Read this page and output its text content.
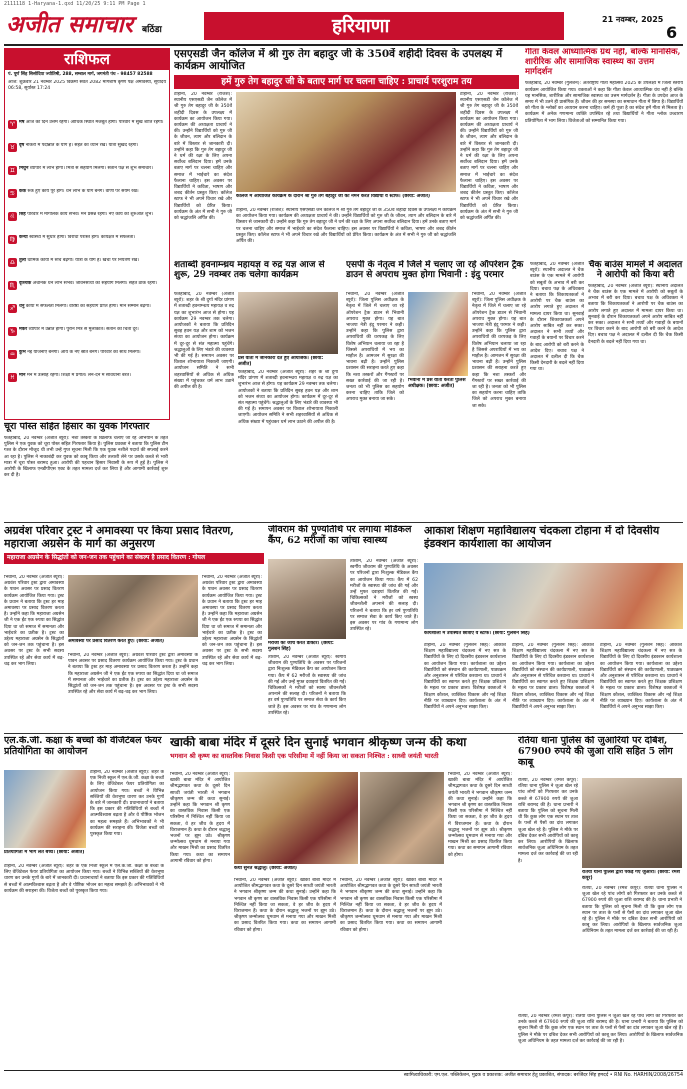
2111118 1-Haryana-1.qxd 11/20/25 9:11 PM Page 1
अजीत समाचार बठिंडा	हरियाणा	21 नवम्बर, 2025
6
राशिफल
पं. पूर्ण सिंह सिसोदिया ज्योतिषी, 288, सम्बाल मार्ग, जगमंती पंथ - 98457 82588
आज: शुक्रवार 21 नवम्बर 2025 विक्रमी संवत 2082 मार्गशीर्ष कृष्ण पक्ष अमावस्या, सूर्योदय 06:58, सूर्यास्त 17:24
♈ मेष आज का दिन उत्तम रहेगा। आर्थिक स्थिति मजबूत होगी। परिवार में सुख शांति रहेगी।
♉ वृष नौकरी में पदोन्नति के योग हैं। सेहत का ध्यान रखें। यात्रा सुखद रहेगी।
♊ मिथुन व्यापार में लाभ होगा। मित्रों से सहयोग मिलेगा। संतान पक्ष से शुभ समाचार।
♋ कर्क रुके हुए कार्य पूरे होंगे। धन लाभ के योग बनेंगे। वाणी पर संयम रखें।
♌ सिंह परिवार में मांगलिक कार्य संभव। मन प्रसन्न रहेगा। नए कार्य की शुरुआत शुभ।
♍ कन्या स्वास्थ्य में सुधार होगा। विरोधी परास्त होंगे। कार्यक्षेत्र में सफलता।
♎ तुला धार्मिक कार्यों में रुचि बढ़ेगी। यात्रा के योग हैं। खर्चों पर नियंत्रण रखें।
♏ वृश्चिक अचानक धन लाभ संभव। जीवनसाथी का सहयोग मिलेगा। सेहत ठीक रहेगी।
♐ धनु कार्यों में सफलता मिलेगी। वरिष्ठों का सहयोग प्राप्त होगा। मान सम्मान बढ़ेगा।
♑ मकर व्यापार में उन्नति होगी। पुराने मित्र से मुलाकात। संतान की चिंता दूर।
♒ कुंभ नई योजनाएं बनेंगी। आय के नए स्रोत बनेंगे। परिवार का साथ मिलेगा।
♓ मीन मन में उत्साह रहेगा। शिक्षा में प्रगति। लेन-देन में सावधानी बरतें।
एसएसडी जैन कॉलेज में श्री गुरु तेग बहादुर जी के 350वें शहीदी दिवस के उपलक्ष्य में कार्यक्रम आयोजित
हमें गुरु तेग बहादुर जी के बताए मार्ग पर चलना चाहिए : प्राचार्य परशुराम तय
टोहाना, 20 नवम्बर (राजेश): स्थानीय एसएसडी जैन कॉलेज में श्री गुरु तेग बहादुर जी के 350वें शहीदी दिवस के उपलक्ष्य में कार्यक्रम का आयोजन किया गया। कार्यक्रम की अध्यक्षता प्राचार्य ने की। उन्होंने विद्यार्थियों को गुरु जी के जीवन, त्याग और बलिदान के बारे में विस्तार से जानकारी दी। उन्होंने कहा कि गुरु तेग बहादुर जी ने धर्म की रक्षा के लिए अपना सर्वोच्च बलिदान दिया। हमें उनके बताए मार्ग पर चलना चाहिए और समाज में भाईचारे का संदेश फैलाना चाहिए। इस अवसर पर विद्यार्थियों ने कविता, भाषण और शबद कीर्तन प्रस्तुत किए। कॉलेज स्टाफ ने भी अपने विचार रखे और विद्यार्थियों को प्रेरित किया। कार्यक्रम के अंत में सभी ने गुरु जी को श्रद्धांजलि अर्पित की।
कॉलेज में आयोजित कार्यक्रम के दौरान श्री गुरु तेग बहादुर जी को नमन करते विद्यार्थी व स्टाफ। (छाया: अजीत)
टोहाना, 20 नवम्बर (राजेश): स्थानीय एसएसडी जैन कॉलेज में श्री गुरु तेग बहादुर जी के 350वें शहीदी दिवस के उपलक्ष्य में कार्यक्रम का आयोजन किया गया। कार्यक्रम की अध्यक्षता प्राचार्य ने की। उन्होंने विद्यार्थियों को गुरु जी के जीवन, त्याग और बलिदान के बारे में विस्तार से जानकारी दी। उन्होंने कहा कि गुरु तेग बहादुर जी ने धर्म की रक्षा के लिए अपना सर्वोच्च बलिदान दिया। हमें उनके बताए मार्ग पर चलना चाहिए और समाज में भाईचारे का संदेश फैलाना चाहिए। इस अवसर पर विद्यार्थियों ने कविता, भाषण और शबद कीर्तन प्रस्तुत किए। कॉलेज स्टाफ ने भी अपने विचार रखे और विद्यार्थियों को प्रेरित किया। कार्यक्रम के अंत में सभी ने गुरु जी को श्रद्धांजलि अर्पित की।
टोहाना, 20 नवम्बर (राजेश): स्थानीय एसएसडी जैन कॉलेज में श्री गुरु तेग बहादुर जी के 350वें शहीदी दिवस के उपलक्ष्य में कार्यक्रम का आयोजन किया गया। कार्यक्रम की अध्यक्षता प्राचार्य ने की। उन्होंने विद्यार्थियों को गुरु जी के जीवन, त्याग और बलिदान के बारे में विस्तार से जानकारी दी। उन्होंने कहा कि गुरु तेग बहादुर जी ने धर्म की रक्षा के लिए अपना सर्वोच्च बलिदान दिया। हमें उनके बताए मार्ग पर चलना चाहिए और समाज में भाईचारे का संदेश फैलाना चाहिए। इस अवसर पर विद्यार्थियों ने कविता, भाषण और शबद कीर्तन प्रस्तुत किए। कॉलेज स्टाफ ने भी अपने विचार रखे और विद्यार्थियों को प्रेरित किया। कार्यक्रम के अंत में सभी ने गुरु जी को श्रद्धांजलि अर्पित की।
गीता केवल आध्यात्मिक ग्रंथ नहीं, बल्कि मानसिक, शारीरिक और सामाजिक स्वास्थ्य का उत्तम मार्गदर्शन
फतेहाबाद, 20 नवम्बर (गुलशन): अंतर्राष्ट्रीय गीता महोत्सव 2025 के उपलक्ष्य में जिला स्तरीय कार्यक्रम आयोजित किया गया। वक्ताओं ने कहा कि गीता केवल आध्यात्मिक ग्रंथ नहीं है बल्कि यह मानसिक, शारीरिक और सामाजिक स्वास्थ्य का उत्तम मार्गदर्शन है। गीता के उपदेश आज के समय में भी उतने ही प्रासंगिक हैं। जीवन की हर समस्या का समाधान गीता में छिपा है। विद्यार्थियों को गीता के श्लोकों का अध्ययन करना चाहिए। कर्म ही पूजा है का संदेश हमें गीता से मिलता है। कार्यक्रम में अनेक गणमान्य व्यक्ति उपस्थित रहे तथा विद्यार्थियों ने गीता श्लोक उच्चारण प्रतियोगिता में भाग लिया। विजेताओं को सम्मानित किया गया।
शताब्दी हवनाम्न्ध्रय महायज्ञ व रुद्र यज्ञ आज से शुरू, 29 नवम्बर तक चलेगा कार्यक्रम
फतेहाबाद, 20 नवम्बर (अजीत ब्यूरो): शहर के श्री दुर्गा मंदिर प्रांगण में शताब्दी हवनाम्न्ध्रय महायज्ञ व रुद्र यज्ञ का शुभारंभ आज से होगा। यह कार्यक्रम 29 नवम्बर तक चलेगा। आयोजकों ने बताया कि प्रतिदिन सुबह हवन यज्ञ और शाम को भजन संध्या का आयोजन होगा। कार्यक्रम में दूर-दूर से संत महात्मा पहुंचेंगे। श्रद्धालुओं के लिए भंडारे की व्यवस्था भी की गई है। समापन अवसर पर विशाल शोभायात्रा निकाली जाएगी। आयोजन समिति ने सभी शहरवासियों से अधिक से अधिक संख्या में पहुंचकर धर्म लाभ उठाने की अपील की है।
प्रेस वार्ता में जानकारी देते हुए आयोजक। (छाया: अजीत)
फतेहाबाद, 20 नवम्बर (अजीत ब्यूरो): शहर के श्री दुर्गा मंदिर प्रांगण में शताब्दी हवनाम्न्ध्रय महायज्ञ व रुद्र यज्ञ का शुभारंभ आज से होगा। यह कार्यक्रम 29 नवम्बर तक चलेगा। आयोजकों ने बताया कि प्रतिदिन सुबह हवन यज्ञ और शाम को भजन संध्या का आयोजन होगा। कार्यक्रम में दूर-दूर से संत महात्मा पहुंचेंगे। श्रद्धालुओं के लिए भंडारे की व्यवस्था भी की गई है। समापन अवसर पर विशाल शोभायात्रा निकाली जाएगी। आयोजन समिति ने सभी शहरवासियों से अधिक से अधिक संख्या में पहुंचकर धर्म लाभ उठाने की अपील की है।
एसपी के नेतृत्व में जिले में चलाए जा रहे ऑपरेशन ट्रैक डाउन से अपराध मुक्त होगा भिवानी : इंदु परमार
भिवानी, 20 नवम्बर (अजीत ब्यूरो): जिला पुलिस अधीक्षक के नेतृत्व में जिले में चलाए जा रहे ऑपरेशन ट्रैक डाउन से भिवानी अपराध मुक्त होगा। यह बात भाजपा नेत्री इंदु परमार ने कही। उन्होंने कहा कि पुलिस द्वारा अपराधियों की धरपकड़ के लिए विशेष अभियान चलाया जा रहा है जिससे अपराधियों में भय का माहौल है। आमजन में सुरक्षा की भावना बढ़ी है। उन्होंने पुलिस प्रशासन की सराहना करते हुए कहा कि नशा तस्करों और गैंगस्टरों पर सख्त कार्रवाई की जा रही है। जनता को भी पुलिस का सहयोग करना चाहिए ताकि जिले को अपराध मुक्त बनाया जा सके।
भिवानी में प्रेस वार्ता करती पुलिस अधीक्षक। (छाया: अजीत)
भिवानी, 20 नवम्बर (अजीत ब्यूरो): जिला पुलिस अधीक्षक के नेतृत्व में जिले में चलाए जा रहे ऑपरेशन ट्रैक डाउन से भिवानी अपराध मुक्त होगा। यह बात भाजपा नेत्री इंदु परमार ने कही। उन्होंने कहा कि पुलिस द्वारा अपराधियों की धरपकड़ के लिए विशेष अभियान चलाया जा रहा है जिससे अपराधियों में भय का माहौल है। आमजन में सुरक्षा की भावना बढ़ी है। उन्होंने पुलिस प्रशासन की सराहना करते हुए कहा कि नशा तस्करों और गैंगस्टरों पर सख्त कार्रवाई की जा रही है। जनता को भी पुलिस का सहयोग करना चाहिए ताकि जिले को अपराध मुक्त बनाया जा सके।
चैक बाउंस मामले में अदालत ने आरोपी को किया बरी
फतेहाबाद, 20 नवम्बर (अजीत ब्यूरो): स्थानीय अदालत ने चैक बाउंस के एक मामले में आरोपी को सबूतों के अभाव में बरी कर दिया। बचाव पक्ष के अधिवक्ता ने बताया कि शिकायतकर्ता ने आरोपी पर चैक बाउंस का आरोप लगाते हुए अदालत में मामला दायर किया था। सुनवाई के दौरान शिकायतकर्ता अपने आरोप साबित नहीं कर सका। अदालत ने सभी तथ्यों और गवाहों के बयानों पर विचार करने के बाद आरोपी को बरी करने के आदेश दिए। बचाव पक्ष ने अदालत में दलील दी कि चैक किसी देनदारी के बदले नहीं दिया गया था।
फतेहाबाद, 20 नवम्बर (अजीत ब्यूरो): स्थानीय अदालत ने चैक बाउंस के एक मामले में आरोपी को सबूतों के अभाव में बरी कर दिया। बचाव पक्ष के अधिवक्ता ने बताया कि शिकायतकर्ता ने आरोपी पर चैक बाउंस का आरोप लगाते हुए अदालत में मामला दायर किया था। सुनवाई के दौरान शिकायतकर्ता अपने आरोप साबित नहीं कर सका। अदालत ने सभी तथ्यों और गवाहों के बयानों पर विचार करने के बाद आरोपी को बरी करने के आदेश दिए। बचाव पक्ष ने अदालत में दलील दी कि चैक किसी देनदारी के बदले नहीं दिया गया था।
चूरा पोस्त सहित हिसार का युवक गिरफ्तार
फतेहाबाद, 20 नवम्बर (अजीत ब्यूरो): नशा तस्करों के खिलाफ चलाए जा रहे अभियान के तहत पुलिस ने एक युवक को चूरा पोस्त सहित गिरफ्तार किया है। पुलिस प्रवक्ता ने बताया कि पुलिस टीम गश्त के दौरान मौजूद थी तभी उन्हें गुप्त सूचना मिली कि एक युवक नशीले पदार्थ की सप्लाई करने आ रहा है। पुलिस ने नाकाबंदी कर युवक को काबू किया और तलाशी लेने पर उसके कब्जे से भारी मात्रा में चूरा पोस्त बरामद हुआ। आरोपी की पहचान हिसार निवासी के रूप में हुई है। पुलिस ने आरोपी के खिलाफ एनडीपीएस एक्ट के तहत मामला दर्ज कर लिया है और आगामी कार्रवाई शुरू कर दी है।
अग्रवंश परिवार ट्रस्ट ने अमावस्या पर किया प्रसाद वितरण, महाराजा अग्रसेन के मार्ग का अनुसरण
महाराजा अग्रसेन के सिद्धांतों को जन-जन तक पहुंचाने का संकल्प है प्रसाद वितरण : गोयल
भिवानी, 20 नवम्बर (अजीत ब्यूरो): अग्रवंश परिवार ट्रस्ट द्वारा अमावस्या के पावन अवसर पर प्रसाद वितरण कार्यक्रम आयोजित किया गया। ट्रस्ट के प्रधान ने बताया कि ट्रस्ट हर माह अमावस्या पर प्रसाद वितरण करता है। उन्होंने कहा कि महाराजा अग्रसेन जी ने एक ईंट एक रुपया का सिद्धांत दिया था जो समाज में समानता और भाईचारे का प्रतीक है। ट्रस्ट का उद्देश्य महाराजा अग्रसेन के सिद्धांतों को जन-जन तक पहुंचाना है। इस अवसर पर ट्रस्ट के सभी सदस्य उपस्थित रहे और सेवा कार्य में बढ़-चढ़ कर भाग लिया।
अमावस्या पर प्रसाद वितरण करते हुए। (छाया: अजीत)
भिवानी, 20 नवम्बर (अजीत ब्यूरो): अग्रवंश परिवार ट्रस्ट द्वारा अमावस्या के पावन अवसर पर प्रसाद वितरण कार्यक्रम आयोजित किया गया। ट्रस्ट के प्रधान ने बताया कि ट्रस्ट हर माह अमावस्या पर प्रसाद वितरण करता है। उन्होंने कहा कि महाराजा अग्रसेन जी ने एक ईंट एक रुपया का सिद्धांत दिया था जो समाज में समानता और भाईचारे का प्रतीक है। ट्रस्ट का उद्देश्य महाराजा अग्रसेन के सिद्धांतों को जन-जन तक पहुंचाना है। इस अवसर पर ट्रस्ट के सभी सदस्य उपस्थित रहे और सेवा कार्य में बढ़-चढ़ कर भाग लिया।
भिवानी, 20 नवम्बर (अजीत ब्यूरो): अग्रवंश परिवार ट्रस्ट द्वारा अमावस्या के पावन अवसर पर प्रसाद वितरण कार्यक्रम आयोजित किया गया। ट्रस्ट के प्रधान ने बताया कि ट्रस्ट हर माह अमावस्या पर प्रसाद वितरण करता है। उन्होंने कहा कि महाराजा अग्रसेन जी ने एक ईंट एक रुपया का सिद्धांत दिया था जो समाज में समानता और भाईचारे का प्रतीक है। ट्रस्ट का उद्देश्य महाराजा अग्रसेन के सिद्धांतों को जन-जन तक पहुंचाना है। इस अवसर पर ट्रस्ट के सभी सदस्य उपस्थित रहे और सेवा कार्य में बढ़-चढ़ कर भाग लिया।
जीवराम की पुण्यतिथि पर लगाया मेडिकल कैंप, 62 मरीजों का जांचा स्वास्थ्य
तोशाम, 20 नवम्बर (अजीत ब्यूरो): स्वर्गीय जीवराम की पुण्यतिथि के अवसर पर परिजनों द्वारा निःशुल्क मेडिकल कैंप का आयोजन किया गया। कैंप में 62 मरीजों के स्वास्थ्य की जांच की गई और उन्हें मुफ्त दवाइयां वितरित की गईं। चिकित्सकों ने मरीजों को स्वस्थ जीवनशैली अपनाने की सलाह दी। परिजनों ने बताया कि हर वर्ष पुण्यतिथि पर समाज सेवा के कार्य किए जाते हैं। इस अवसर पर गांव के गणमान्य लोग उपस्थित रहे।
मरीजों की जांच करते डाक्टर। (छाया: गुलशन सिंह)
तोशाम, 20 नवम्बर (अजीत ब्यूरो): स्वर्गीय जीवराम की पुण्यतिथि के अवसर पर परिजनों द्वारा निःशुल्क मेडिकल कैंप का आयोजन किया गया। कैंप में 62 मरीजों के स्वास्थ्य की जांच की गई और उन्हें मुफ्त दवाइयां वितरित की गईं। चिकित्सकों ने मरीजों को स्वस्थ जीवनशैली अपनाने की सलाह दी। परिजनों ने बताया कि हर वर्ष पुण्यतिथि पर समाज सेवा के कार्य किए जाते हैं। इस अवसर पर गांव के गणमान्य लोग उपस्थित रहे।
आकाश शिक्षण महाविद्यालय चंदकला टोहाना में दो दिवसीय इंडक्शन कार्यशाला का आयोजन
कार्यशाला में उपस्थित छात्राएं व स्टाफ। (छाया: गुलशन सिंह)
टोहाना, 20 नवम्बर (गुलशन सिंह): आकाश शिक्षण महाविद्यालय चंदकला में नए सत्र के विद्यार्थियों के लिए दो दिवसीय इंडक्शन कार्यशाला का आयोजन किया गया। कार्यशाला का उद्देश्य विद्यार्थियों को संस्थान की कार्यप्रणाली, पाठ्यक्रम और अनुशासन से परिचित करवाना था। प्राचार्य ने विद्यार्थियों का स्वागत करते हुए शिक्षक प्रशिक्षण के महत्व पर प्रकाश डाला। विशेषज्ञ वक्ताओं ने शिक्षण कौशल, व्यक्तित्व विकास और नई शिक्षा नीति पर व्याख्यान दिए। कार्यशाला के अंत में विद्यार्थियों ने अपने अनुभव साझा किए।
टोहाना, 20 नवम्बर (गुलशन सिंह): आकाश शिक्षण महाविद्यालय चंदकला में नए सत्र के विद्यार्थियों के लिए दो दिवसीय इंडक्शन कार्यशाला का आयोजन किया गया। कार्यशाला का उद्देश्य विद्यार्थियों को संस्थान की कार्यप्रणाली, पाठ्यक्रम और अनुशासन से परिचित करवाना था। प्राचार्य ने विद्यार्थियों का स्वागत करते हुए शिक्षक प्रशिक्षण के महत्व पर प्रकाश डाला। विशेषज्ञ वक्ताओं ने शिक्षण कौशल, व्यक्तित्व विकास और नई शिक्षा नीति पर व्याख्यान दिए। कार्यशाला के अंत में विद्यार्थियों ने अपने अनुभव साझा किए।
टोहाना, 20 नवम्बर (गुलशन सिंह): आकाश शिक्षण महाविद्यालय चंदकला में नए सत्र के विद्यार्थियों के लिए दो दिवसीय इंडक्शन कार्यशाला का आयोजन किया गया। कार्यशाला का उद्देश्य विद्यार्थियों को संस्थान की कार्यप्रणाली, पाठ्यक्रम और अनुशासन से परिचित करवाना था। प्राचार्य ने विद्यार्थियों का स्वागत करते हुए शिक्षक प्रशिक्षण के महत्व पर प्रकाश डाला। विशेषज्ञ वक्ताओं ने शिक्षण कौशल, व्यक्तित्व विकास और नई शिक्षा नीति पर व्याख्यान दिए। कार्यशाला के अंत में विद्यार्थियों ने अपने अनुभव साझा किए।
एल.के.जी. कक्षा के बच्चों की वेजिटेबल फेयर प्रतियोगिता का आयोजन
प्रतियोगिता में भाग लेते बच्चे। (छाया: अजीत)
टोहाना, 20 नवम्बर (अजीत ब्यूरो): शहर के एक निजी स्कूल में एल.के.जी. कक्षा के बच्चों के लिए वेजिटेबल फेयर प्रतियोगिता का आयोजन किया गया। बच्चों ने विभिन्न सब्जियों की वेशभूषा धारण कर उनके गुणों के बारे में जानकारी दी। प्रधानाचार्या ने बताया कि इस प्रकार की गतिविधियों से बच्चों में आत्मविश्वास बढ़ता है और वे पौष्टिक भोजन का महत्व समझते हैं। अभिभावकों ने भी कार्यक्रम की सराहना की। विजेता बच्चों को पुरस्कृत किया गया।
टोहाना, 20 नवम्बर (अजीत ब्यूरो): शहर के एक निजी स्कूल में एल.के.जी. कक्षा के बच्चों के लिए वेजिटेबल फेयर प्रतियोगिता का आयोजन किया गया। बच्चों ने विभिन्न सब्जियों की वेशभूषा धारण कर उनके गुणों के बारे में जानकारी दी। प्रधानाचार्या ने बताया कि इस प्रकार की गतिविधियों से बच्चों में आत्मविश्वास बढ़ता है और वे पौष्टिक भोजन का महत्व समझते हैं। अभिभावकों ने भी कार्यक्रम की सराहना की। विजेता बच्चों को पुरस्कृत किया गया।
खाकी बाबा मंदिर में दूसरे दिन सुनाई भगवान श्रीकृष्ण जन्म की कथा
भगवान श्री कृष्ण का वास्तविक निवास किसी एक परिसीमा में नहीं किया जा सकता निश्चित : साध्वी जयंती भारती
भिवानी, 20 नवम्बर (अजीत ब्यूरो): खाकी बाबा मंदिर में आयोजित श्रीमद्भागवत कथा के दूसरे दिन साध्वी जयंती भारती ने भगवान श्रीकृष्ण जन्म की कथा सुनाई। उन्होंने कहा कि भगवान श्री कृष्ण का वास्तविक निवास किसी एक परिसीमा में निश्चित नहीं किया जा सकता, वे हर जीव के हृदय में विराजमान हैं। कथा के दौरान श्रद्धालु भजनों पर झूम उठे। श्रीकृष्ण जन्मोत्सव धूमधाम से मनाया गया और माखन मिश्री का प्रसाद वितरित किया गया। कथा का समापन आगामी रविवार को होगा।
कथा सुनते श्रद्धालु। (छाया: अजीत)
भिवानी, 20 नवम्बर (अजीत ब्यूरो): खाकी बाबा मंदिर में आयोजित श्रीमद्भागवत कथा के दूसरे दिन साध्वी जयंती भारती ने भगवान श्रीकृष्ण जन्म की कथा सुनाई। उन्होंने कहा कि भगवान श्री कृष्ण का वास्तविक निवास किसी एक परिसीमा में निश्चित नहीं किया जा सकता, वे हर जीव के हृदय में विराजमान हैं। कथा के दौरान श्रद्धालु भजनों पर झूम उठे। श्रीकृष्ण जन्मोत्सव धूमधाम से मनाया गया और माखन मिश्री का प्रसाद वितरित किया गया। कथा का समापन आगामी रविवार को होगा।
भिवानी, 20 नवम्बर (अजीत ब्यूरो): खाकी बाबा मंदिर में आयोजित श्रीमद्भागवत कथा के दूसरे दिन साध्वी जयंती भारती ने भगवान श्रीकृष्ण जन्म की कथा सुनाई। उन्होंने कहा कि भगवान श्री कृष्ण का वास्तविक निवास किसी एक परिसीमा में निश्चित नहीं किया जा सकता, वे हर जीव के हृदय में विराजमान हैं। कथा के दौरान श्रद्धालु भजनों पर झूम उठे। श्रीकृष्ण जन्मोत्सव धूमधाम से मनाया गया और माखन मिश्री का प्रसाद वितरित किया गया। कथा का समापन आगामी रविवार को होगा।
भिवानी, 20 नवम्बर (अजीत ब्यूरो): खाकी बाबा मंदिर में आयोजित श्रीमद्भागवत कथा के दूसरे दिन साध्वी जयंती भारती ने भगवान श्रीकृष्ण जन्म की कथा सुनाई। उन्होंने कहा कि भगवान श्री कृष्ण का वास्तविक निवास किसी एक परिसीमा में निश्चित नहीं किया जा सकता, वे हर जीव के हृदय में विराजमान हैं। कथा के दौरान श्रद्धालु भजनों पर झूम उठे। श्रीकृष्ण जन्मोत्सव धूमधाम से मनाया गया और माखन मिश्री का प्रसाद वितरित किया गया। कथा का समापन आगामी रविवार को होगा।
रतिया थाना पुलिस की जुआरियों पर दबिश, 67900 रुपये की जुआ राशि सहित 5 लोग काबू
रतिया, 20 नवम्बर (रमेश कपूर): रतिया थाना पुलिस ने जुआ खेल रहे पांच लोगों को गिरफ्तार कर उनके कब्जे से 67900 रुपये की जुआ राशि बरामद की है। थाना प्रभारी ने बताया कि पुलिस को सूचना मिली थी कि कुछ लोग एक स्थान पर ताश के पत्तों से पैसों का दांव लगाकर जुआ खेल रहे हैं। पुलिस ने मौके पर दबिश देकर सभी आरोपियों को काबू कर लिया। आरोपियों के खिलाफ सार्वजनिक जुआ अधिनियम के तहत मामला दर्ज कर कार्रवाई की जा रही है।
रतिया थाना पुलिस द्वारा पकड़े गए जुआरी। (छाया: रमेश कपूर)
रतिया, 20 नवम्बर (रमेश कपूर): रतिया थाना पुलिस ने जुआ खेल रहे पांच लोगों को गिरफ्तार कर उनके कब्जे से 67900 रुपये की जुआ राशि बरामद की है। थाना प्रभारी ने बताया कि पुलिस को सूचना मिली थी कि कुछ लोग एक स्थान पर ताश के पत्तों से पैसों का दांव लगाकर जुआ खेल रहे हैं। पुलिस ने मौके पर दबिश देकर सभी आरोपियों को काबू कर लिया। आरोपियों के खिलाफ सार्वजनिक जुआ अधिनियम के तहत मामला दर्ज कर कार्रवाई की जा रही है।
रतिया, 20 नवम्बर (रमेश कपूर): रतिया थाना पुलिस ने जुआ खेल रहे पांच लोगों को गिरफ्तार कर उनके कब्जे से 67900 रुपये की जुआ राशि बरामद की है। थाना प्रभारी ने बताया कि पुलिस को सूचना मिली थी कि कुछ लोग एक स्थान पर ताश के पत्तों से पैसों का दांव लगाकर जुआ खेल रहे हैं। पुलिस ने मौके पर दबिश देकर सभी आरोपियों को काबू कर लिया। आरोपियों के खिलाफ सार्वजनिक जुआ अधिनियम के तहत मामला दर्ज कर कार्रवाई की जा रही है।
स्वामित्वाधिकारी: एम.एल. पब्लिकेशन, मुद्रक व प्रकाशक: अजीत समाचार हेतु प्रकाशित, संपादक: बरजिंदर सिंह हमदर्द • RNI No. HARHIN/2008/26754
